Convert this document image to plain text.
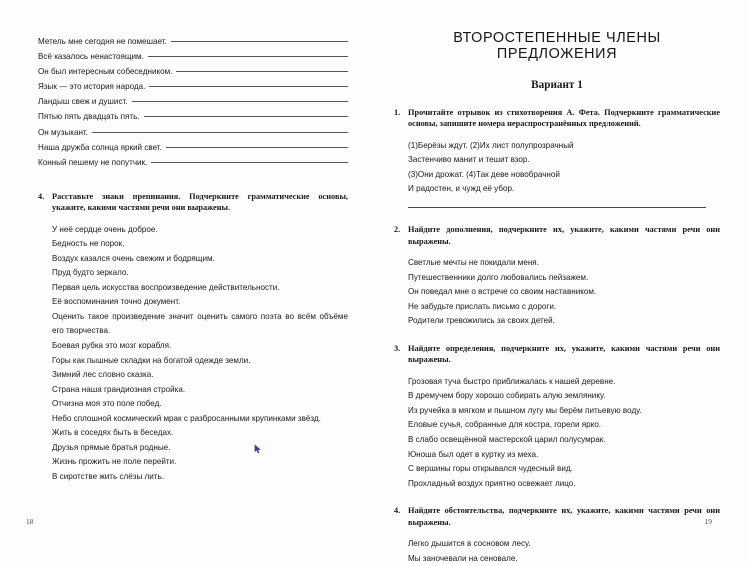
Метель мне сегодня не помешает.
Всё казалось ненастоящим.
Он был интересным собеседником.
Язык — это история народа.
Ландыш свеж и душист.
Пятью пять двадцать пять.
Он музыкант.
Наша дружба солнца яркий свет.
Конный пешему не попутчик.
4. Расставьте знаки препинания. Подчеркните грамматические основы, укажите, какими частями речи они выражены.

У неё сердце очень доброе.

Бедность не порок.

Воздух казался очень свежим и бодрящим.

Пруд будто зеркало.

Первая цель искусства воспроизведение действительности.

Её воспоминания точно документ.

Оценить такое произведение значит оценить самого поэта во всём объёме его творчества.

Боевая рубка это мозг корабля.

Горы как пышные складки на богатой одежде земли.

Зимний лес словно сказка.

Страна наша грандиозная стройка.

Отчизна моя это поле побед.

Небо сплошной космический мрак с разбросанными крупинками звёзд.

Жить в соседях быть в беседах.

Друзья прямые братья родные.

Жизнь прожить не поле перейти.

В сиротстве жить слёзы лить.

18
ВТОРОСТЕПЕННЫЕ ЧЛЕНЫ ПРЕДЛОЖЕНИЯ
Вариант 1
1. Прочитайте отрывок из стихотворения А. Фета. Подчеркните грамматические основы, запишите номера нераспространённых предложений.

(1)Берёзы ждут. (2)Их лист полупрозрачный

Застенчиво манит и тешит взор.

(3)Они дрожат. (4)Так деве новобрачной

И радостен, и чужд её убор.

2. Найдите дополнения, подчеркните их, укажите, какими частями речи они выражены.

Светлые мечты не покидали меня.

Путешественники долго любовались пейзажем.

Он поведал мне о встрече со своим наставником.

Не забудьте прислать письмо с дороги.

Родители тревожились за своих детей.

3. Найдите определения, подчеркните их, укажите, какими частями речи они выражены.

Грозовая туча быстро приближалась к нашей деревне.

В дремучем бору хорошо собирать алую землянику.

Из ручейка в мягком и пышном лугу мы берём питьевую воду.

Еловые сучья, собранные для костра, горели ярко.

В слабо освещённой мастерской царил полусумрак.

Юноша был одет в куртку из меха.

С вершины горы открывался чудесный вид.

Прохладный воздух приятно освежает лицо.

4. Найдите обстоятельства, подчеркните их, укажите, какими частями речи они выражены.

Легко дышится в сосновом лесу.

Мы заночевали на сеновале.

19
